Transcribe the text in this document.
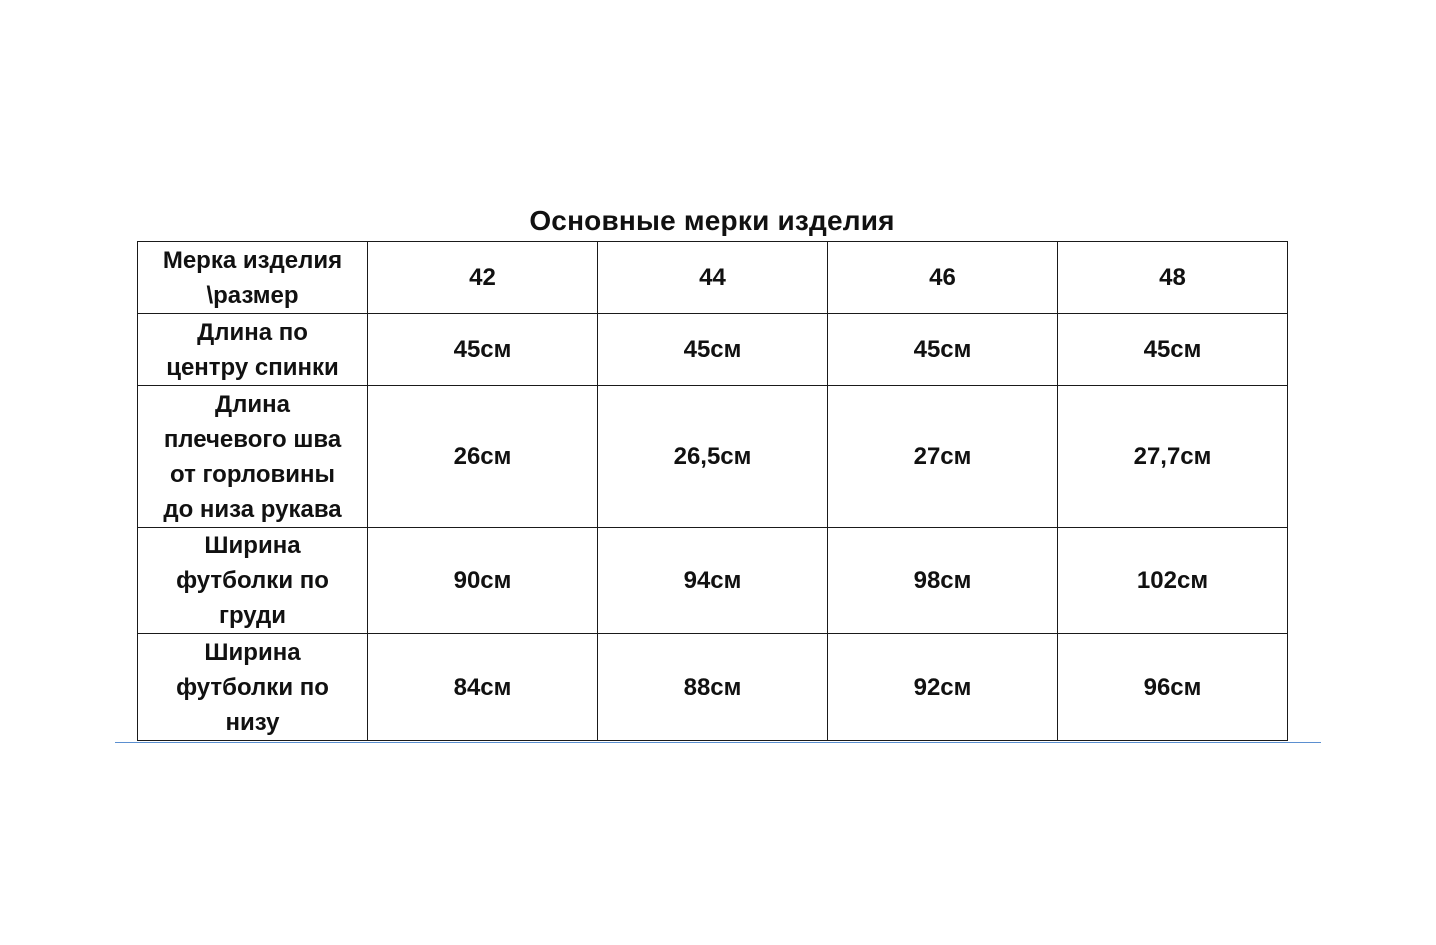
Основные мерки изделия
Мерка изделия
\размер	42	44	46	48

Длина по
центру спинки	45см	45см	45см	45см

Длина
плечевого шва
от горловины
до низа рукава	26см	26,5см	27см	27,7см

Ширина
футболки по
груди	90см	94см	98см	102см

Ширина
футболки по
низу	84см	88см	92см	96см
